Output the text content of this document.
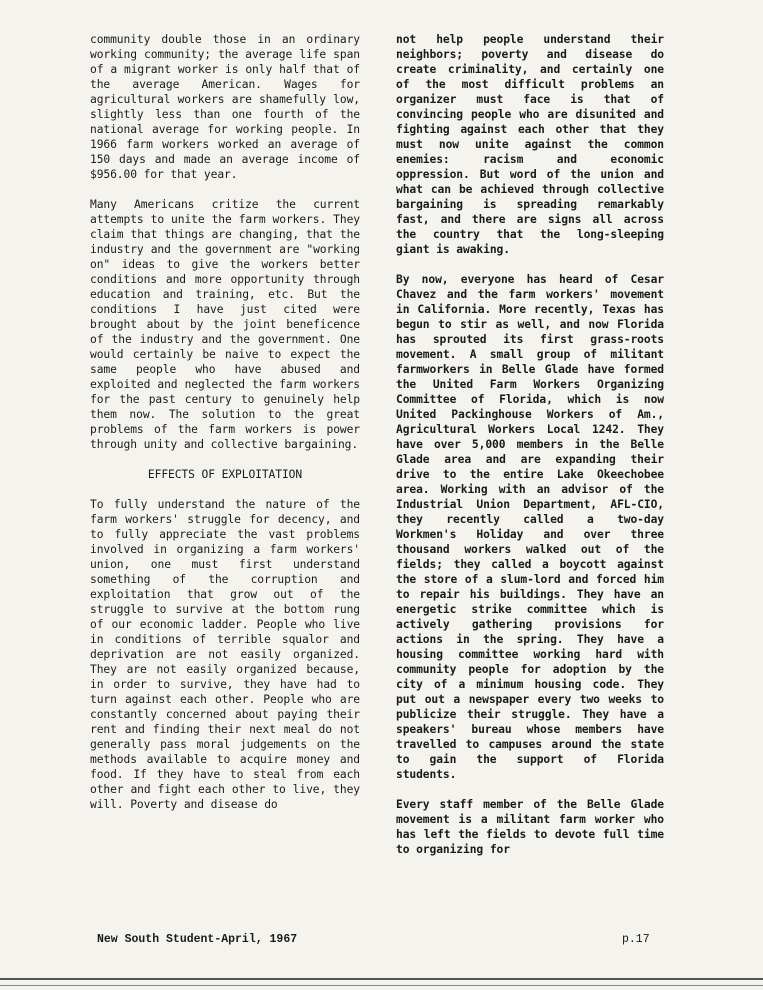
community double those in an ordinary working community; the average life span of a migrant worker is only half that of the average American. Wages for agricultural workers are shamefully low, slightly less than one fourth of the national average for working people. In 1966 farm workers worked an average of 150 days and made an average income of $956.00 for that year.

Many Americans critize the current attempts to unite the farm workers. They claim that things are changing, that the industry and the government are "working on" ideas to give the workers better conditions and more opportunity through education and training, etc. But the conditions I have just cited were brought about by the joint beneficence of the industry and the government. One would certainly be naive to expect the same people who have abused and exploited and neglected the farm workers for the past century to genuinely help them now. The solution to the great problems of the farm workers is power through unity and collective bargaining.

EFFECTS OF EXPLOITATION

To fully understand the nature of the farm workers' struggle for decency, and to fully appreciate the vast problems involved in organizing a farm workers' union, one must first understand something of the corruption and exploitation that grow out of the struggle to survive at the bottom rung of our economic ladder. People who live in conditions of terrible squalor and deprivation are not easily organized. They are not easily organized because, in order to survive, they have had to turn against each other. People who are constantly concerned about paying their rent and finding their next meal do not generally pass moral judgements on the methods available to acquire money and food. If they have to steal from each other and fight each other to live, they will. Poverty and disease do

not help people understand their neighbors; poverty and disease do create criminality, and certainly one of the most difficult problems an organizer must face is that of convincing people who are disunited and fighting against each other that they must now unite against the common enemies: racism and economic oppression. But word of the union and what can be achieved through collective bargaining is spreading remarkably fast, and there are signs all across the country that the long-sleeping giant is awaking.

By now, everyone has heard of Cesar Chavez and the farm workers' movement in California. More recently, Texas has begun to stir as well, and now Florida has sprouted its first grass-roots movement. A small group of militant farmworkers in Belle Glade have formed the United Farm Workers Organizing Committee of Florida, which is now United Packinghouse Workers of Am., Agricultural Workers Local 1242. They have over 5,000 members in the Belle Glade area and are expanding their drive to the entire Lake Okeechobee area. Working with an advisor of the Industrial Union Department, AFL-CIO, they recently called a two-day Workmen's Holiday and over three thousand workers walked out of the fields; they called a boycott against the store of a slum-lord and forced him to repair his buildings. They have an energetic strike committee which is actively gathering provisions for actions in the spring. They have a housing committee working hard with community people for adoption by the city of a minimum housing code. They put out a newspaper every two weeks to publicize their struggle. They have a speakers' bureau whose members have travelled to campuses around the state to gain the support of Florida students.

Every staff member of the Belle Glade movement is a militant farm worker who has left the fields to devote full time to organizing for

New South Student-April, 1967	p.17
